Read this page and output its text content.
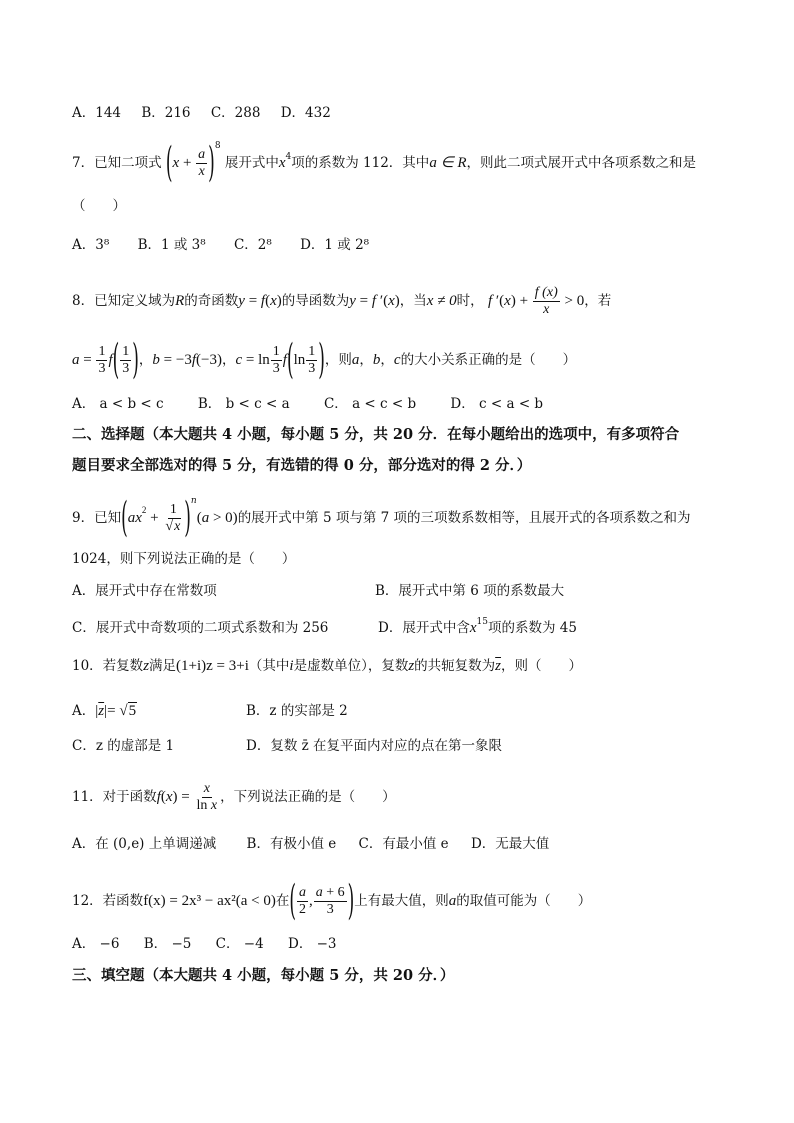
A．144 B．216 C．288 D．432
7．已知二项式 $(x + \frac{a}{x} )^8$ 展开式中$x^4$项的系数为 112．其中a ∈ R，则此二项式展开式中各项系数之和是
（　　）
A．3⁸ B．1 或 3⁸ C．2⁸ D．1 或 2⁸
8．已知定义域为R的奇函数y = f(x)的导函数为y = f ′(x)，当x ≠ 0时， f $'(x) + \frac{f (x)}{x} > 0$，若
$a = \frac{1}{3} f( \frac{1}{3}$ )，b = −3f(−3)，$c = \ln \frac{1}{3} f(\ln \frac{1}{3}$ )，则a，b，c的大小关系正确的是（　　）
A． a < b < c	B． b < c < a	C． a < c < b	D． c < a < b
二、选择题（本大题共 4 小题，每小题 5 分，共 20 分．在每小题给出的选项中，有多项符合
题目要求全部选对的得 5 分，有选错的得 0 分，部分选对的得 2 分．）
9．已知$(ax^2 + \frac{1}{√x} )^n(a > 0)$的展开式中第 5 项与第 7 项的三项数系数相等，且展开式的各项系数之和为
1024，则下列说法正确的是（　　）
A．展开式中存在常数项	B．展开式中第 6 项的系数最大
C．展开式中奇数项的二项式系数和为 256	D．展开式中含$x^{15}$项的系数为 45
10．若复数z满足(1+i)z = 3+i（其中i是虚数单位），复数z的共轭复数为$\overline{z}$，则（　　）
A．$|\overline{z}|= √5$	B．z 的实部是 2
C．z 的虚部是 1	D．复数 z̄ 在复平面内对应的点在第一象限
11．对于函数$f(x) = \frac{x}{\text{ln x}}$ ，下列说法正确的是（　　）
A．在 (0,e) 上单调递减 B．有极小值 e C．有最小值 e D．无最大值
12．若函数f(x) = 2x³ − ax²(a < 0)在( $\frac{a}{2}$ , $\frac{a + 6}{3}$ )上有最大值，则a的取值可能为（　　）
A． −6 B． −5 C． −4 D． −3
三、填空题（本大题共 4 小题，每小题 5 分，共 20 分．）
